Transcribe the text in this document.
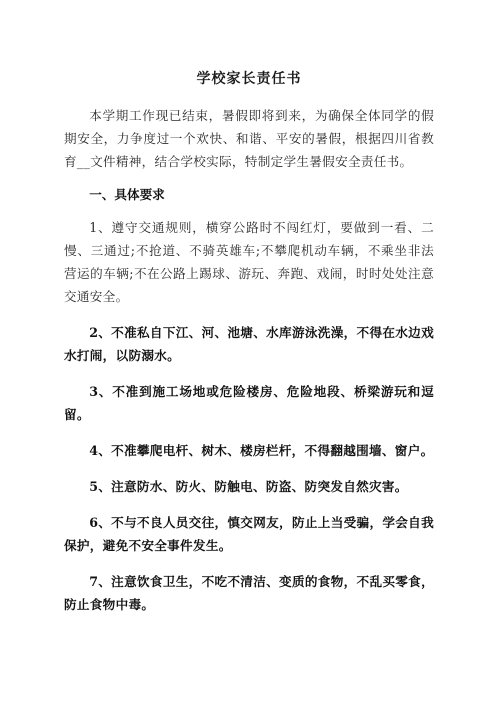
学校家长责任书

本学期工作现已结束，暑假即将到来，为确保全体同学的假期安全，力争度过一个欢快、和谐、平安的暑假，根据四川省教育__文件精神，结合学校实际，特制定学生暑假安全责任书。

一、具体要求

1、遵守交通规则，横穿公路时不闯红灯，要做到一看、二慢、三通过;不抢道、不骑英雄车;不攀爬机动车辆，不乘坐非法营运的车辆;不在公路上踢球、游玩、奔跑、戏闹，时时处处注意交通安全。

2、不准私自下江、河、池塘、水库游泳洗澡，不得在水边戏水打闹，以防溺水。

3、不准到施工场地或危险楼房、危险地段、桥梁游玩和逗留。

4、不准攀爬电杆、树木、楼房栏杆，不得翻越围墙、窗户。

5、注意防水、防火、防触电、防盗、防突发自然灾害。

6、不与不良人员交往，慎交网友，防止上当受骗，学会自我保护，避免不安全事件发生。

7、注意饮食卫生，不吃不清洁、变质的食物，不乱买零食，防止食物中毒。
